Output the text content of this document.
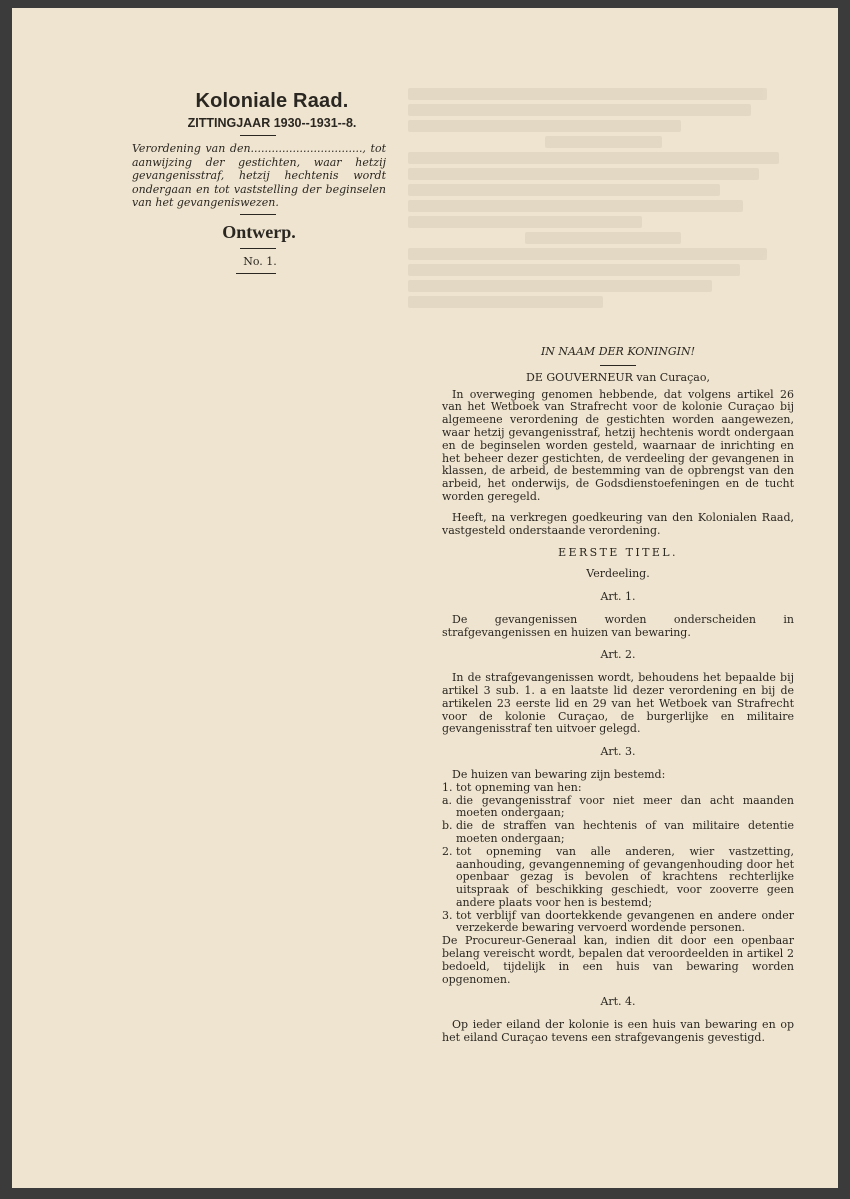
Koloniale Raad.
ZITTINGJAAR 1930--1931--8.
Verordening van den................................, tot aanwijzing der gestichten, waar hetzij gevangenisstraf, hetzij hechtenis wordt ondergaan en tot vaststelling der beginselen van het gevangeniswezen.
Ontwerp.
No. 1.
IN NAAM DER KONINGIN!
DE GOUVERNEUR van Curaçao,

In overweging genomen hebbende, dat volgens artikel 26 van het Wetboek van Strafrecht voor de kolonie Curaçao bij algemeene verordening de gestichten worden aangewezen, waar hetzij gevangenisstraf, hetzij hechtenis wordt ondergaan en de beginselen worden gesteld, waarnaar de inrichting en het beheer dezer gestichten, de verdeeling der gevangenen in klassen, de arbeid, de bestemming van de opbrengst van den arbeid, het onderwijs, de Godsdienstoefeningen en de tucht worden geregeld.

Heeft, na verkregen goedkeuring van den Kolonialen Raad, vastgesteld onderstaande verordening.

EERSTE TITEL.
Verdeeling.
Art. 1.

De gevangenissen worden onderscheiden in strafgevangenissen en huizen van bewaring.

Art. 2.

In de strafgevangenissen wordt, behoudens het bepaalde bij artikel 3 sub. 1. a en laatste lid dezer verordening en bij de artikelen 23 eerste lid en 29 van het Wetboek van Strafrecht voor de kolonie Curaçao, de burgerlijke en militaire gevangenisstraf ten uitvoer gelegd.

Art. 3.

De huizen van bewaring zijn bestemd:

1. tot opneming van hen:
a. die gevangenisstraf voor niet meer dan acht maanden moeten ondergaan;
b. die de straffen van hechtenis of van militaire detentie moeten ondergaan;
2. tot opneming van alle anderen, wier vastzetting, aanhouding, gevangenneming of gevangenhouding door het openbaar gezag is bevolen of krachtens rechterlijke uitspraak of beschikking geschiedt, voor zooverre geen andere plaats voor hen is bestemd;
3. tot verblijf van doortekkende gevangenen en andere onder verzekerde bewaring vervoerd wordende personen.

De Procureur-Generaal kan, indien dit door een openbaar belang vereischt wordt, bepalen dat veroordeelden in artikel 2 bedoeld, tijdelijk in een huis van bewaring worden opgenomen.

Art. 4.

Op ieder eiland der kolonie is een huis van bewaring en op het eiland Curaçao tevens een strafgevangenis gevestigd.
